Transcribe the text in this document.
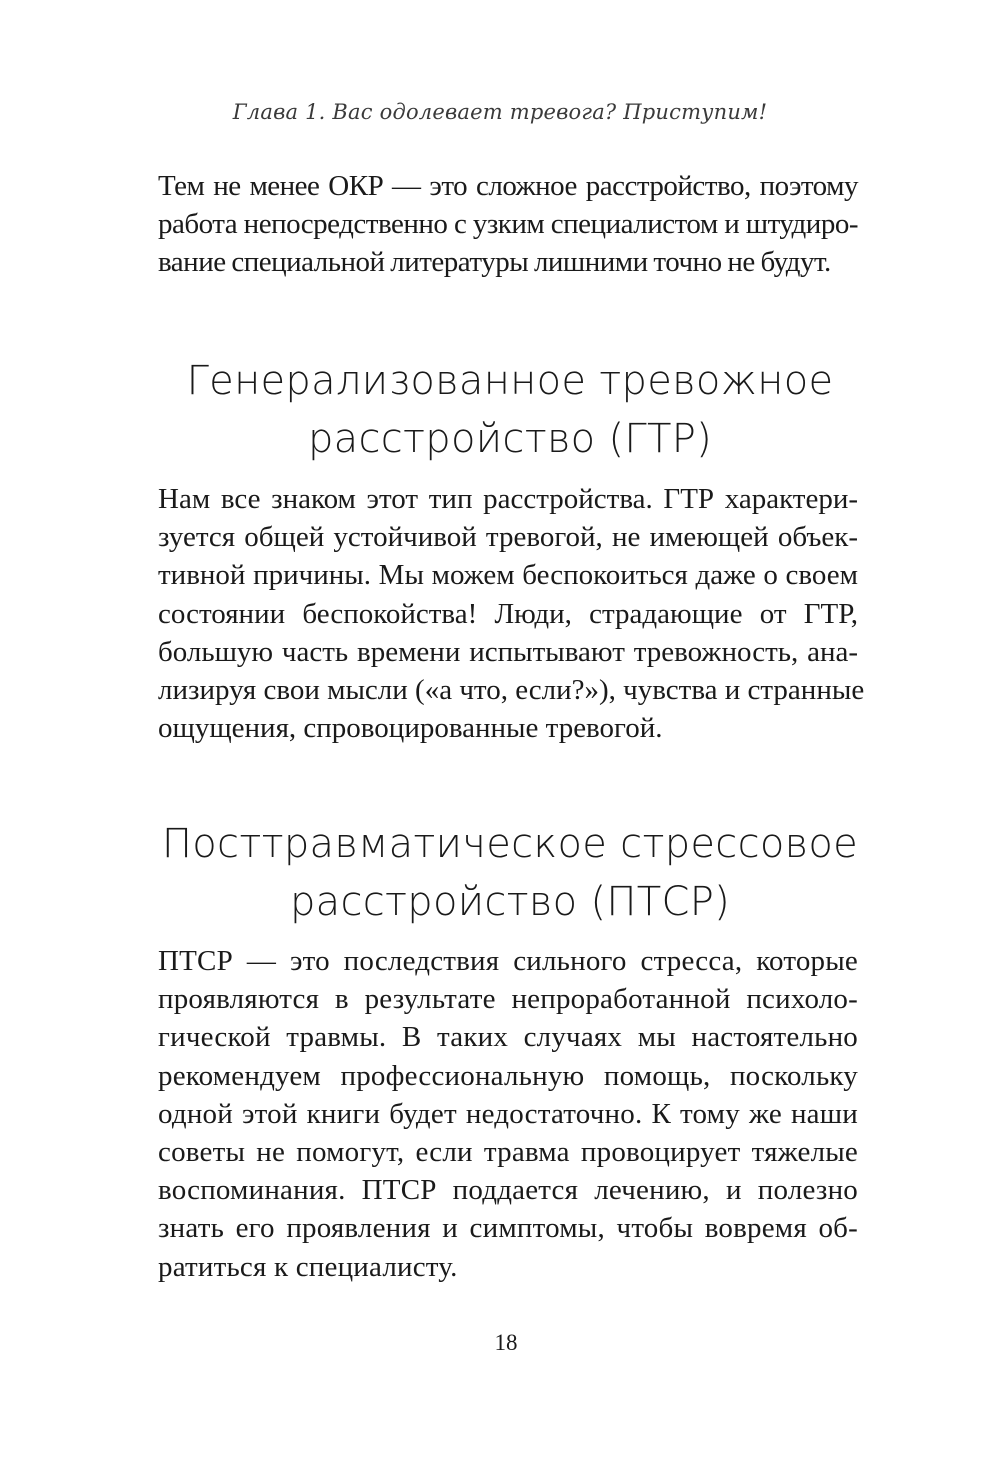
Глава 1. Вас одолевает тревога? Приступим!

Тем не менее ОКР — это сложное расстройство, поэтому
работа непосредственно с узким специалистом и штудиро-
вание специальной литературы лишними точно не будут.

Генерализованное тревожное
расстройство (ГТР)

Нам все знаком этот тип расстройства. ГТР характери-
зуется общей устойчивой тревогой, не имеющей объек-
тивной причины. Мы можем беспокоиться даже о своем
состоянии беспокойства! Люди, страдающие от ГТР,
большую часть времени испытывают тревожность, ана-
лизируя свои мысли («а что, если?»), чувства и странные
ощущения, спровоцированные тревогой.

Посттравматическое стрессовое
расстройство (ПТСР)

ПТСР — это последствия сильного стресса, которые
проявляются в результате непроработанной психоло-
гической травмы. В таких случаях мы настоятельно
рекомендуем профессиональную помощь, поскольку
одной этой книги будет недостаточно. К тому же наши
советы не помогут, если травма провоцирует тяжелые
воспоминания. ПТСР поддается лечению, и полезно
знать его проявления и симптомы, чтобы вовремя об-
ратиться к специалисту.

18
